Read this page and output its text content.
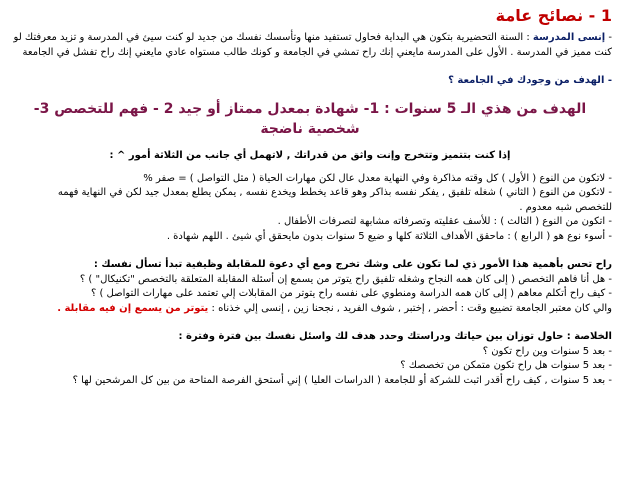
1 - نصائح عامة

- إنسى المدرسة : السنة التحضيرية بتكون هي البداية فحاول تستفيد منها وتأسسك نفسك من جديد لو كنت سيئ في المدرسة و تزيد معرفتك لو
كنت مميز في المدرسة . الأول على المدرسة مايعني إنك راح تمشي في الجامعة و كونك طالب مستواه عادي مايعني إنك راح تفشل في الجامعة

- الهدف من وجودك في الجامعة ؟

الهدف من هذي الـ 5 سنوات : 1- شهادة بمعدل ممتاز أو جيد 2 - فهم للتخصص 3- شخصية ناضجة

إذا كنت بتتميز وتتخرج وإنت واثق من قدراتك , لاتهمل أي جانب من الثلاثة أمور ^ :

- لاتكون من النوع ( الأول ) كل وقته مذاكرة وفي النهاية معدل عال لكن مهارات الحياة ( مثل التواصل ) = صفر %
- لاتكون من النوع ( الثاني ) شغله تلفيق , يفكر نفسه بذاكر وهو قاعد يخطط ويخدع نفسه , يمكن يطلع بمعدل جيد لكن في النهاية فهمه
للتخصص شبه معدوم .
- اتكون من النوع ( الثالث ) : للأسف عقليته وتصرفاته مشابهة لتصرفات الأطفال .
- أسوء نوع هو ( الرابع ) : ماحقق الأهداف الثلاثة كلها و ضيع 5 سنوات بدون مايحقق أي شيئ . اللهم شهادة .

راح تحس بأهمية هذا الأمور ذي لما تكون على وشك تخرج ومع أي دعوة للمقابلة وظيفية تبدأ تسأل نفسك :

- هل أنا فاهم التخصص ( إلى كان همه النجاح وشغله تلفيق راح يتوتر من يسمع إن أسئلة المقابلة المتعلقة بالتخصص "تكنيكال" ) ؟
- كيف راح أتكلم معاهم ( إلى كان همه الدراسة ومنطوي على نفسه راح يتوتر من المقابلات إلي تعتمد على مهارات التواصل ) ؟
والي كان معتبر الجامعة تضييع وقت : أحضر , إختبر , شوف الفريد , نجحنا زين , إنسى إلي خذناه : يتوتر من يسمع إن فيه مقابلة .

الخلاصة : حاول توزان بين حياتك ودراستك وحدد هدف لك واسئل نفسك بين فترة وفترة :

- بعد 5 سنوات وين راح تكون ؟
- بعد 5 سنوات هل راح تكون متمكن من تخصصك ؟
- بعد 5 سنوات , كيف راح أقدر اثبت للشركة أو للجامعة ( الدراسات العليا ) إني أستحق الفرصة المتاحة من بين كل المرشحين لها ؟
